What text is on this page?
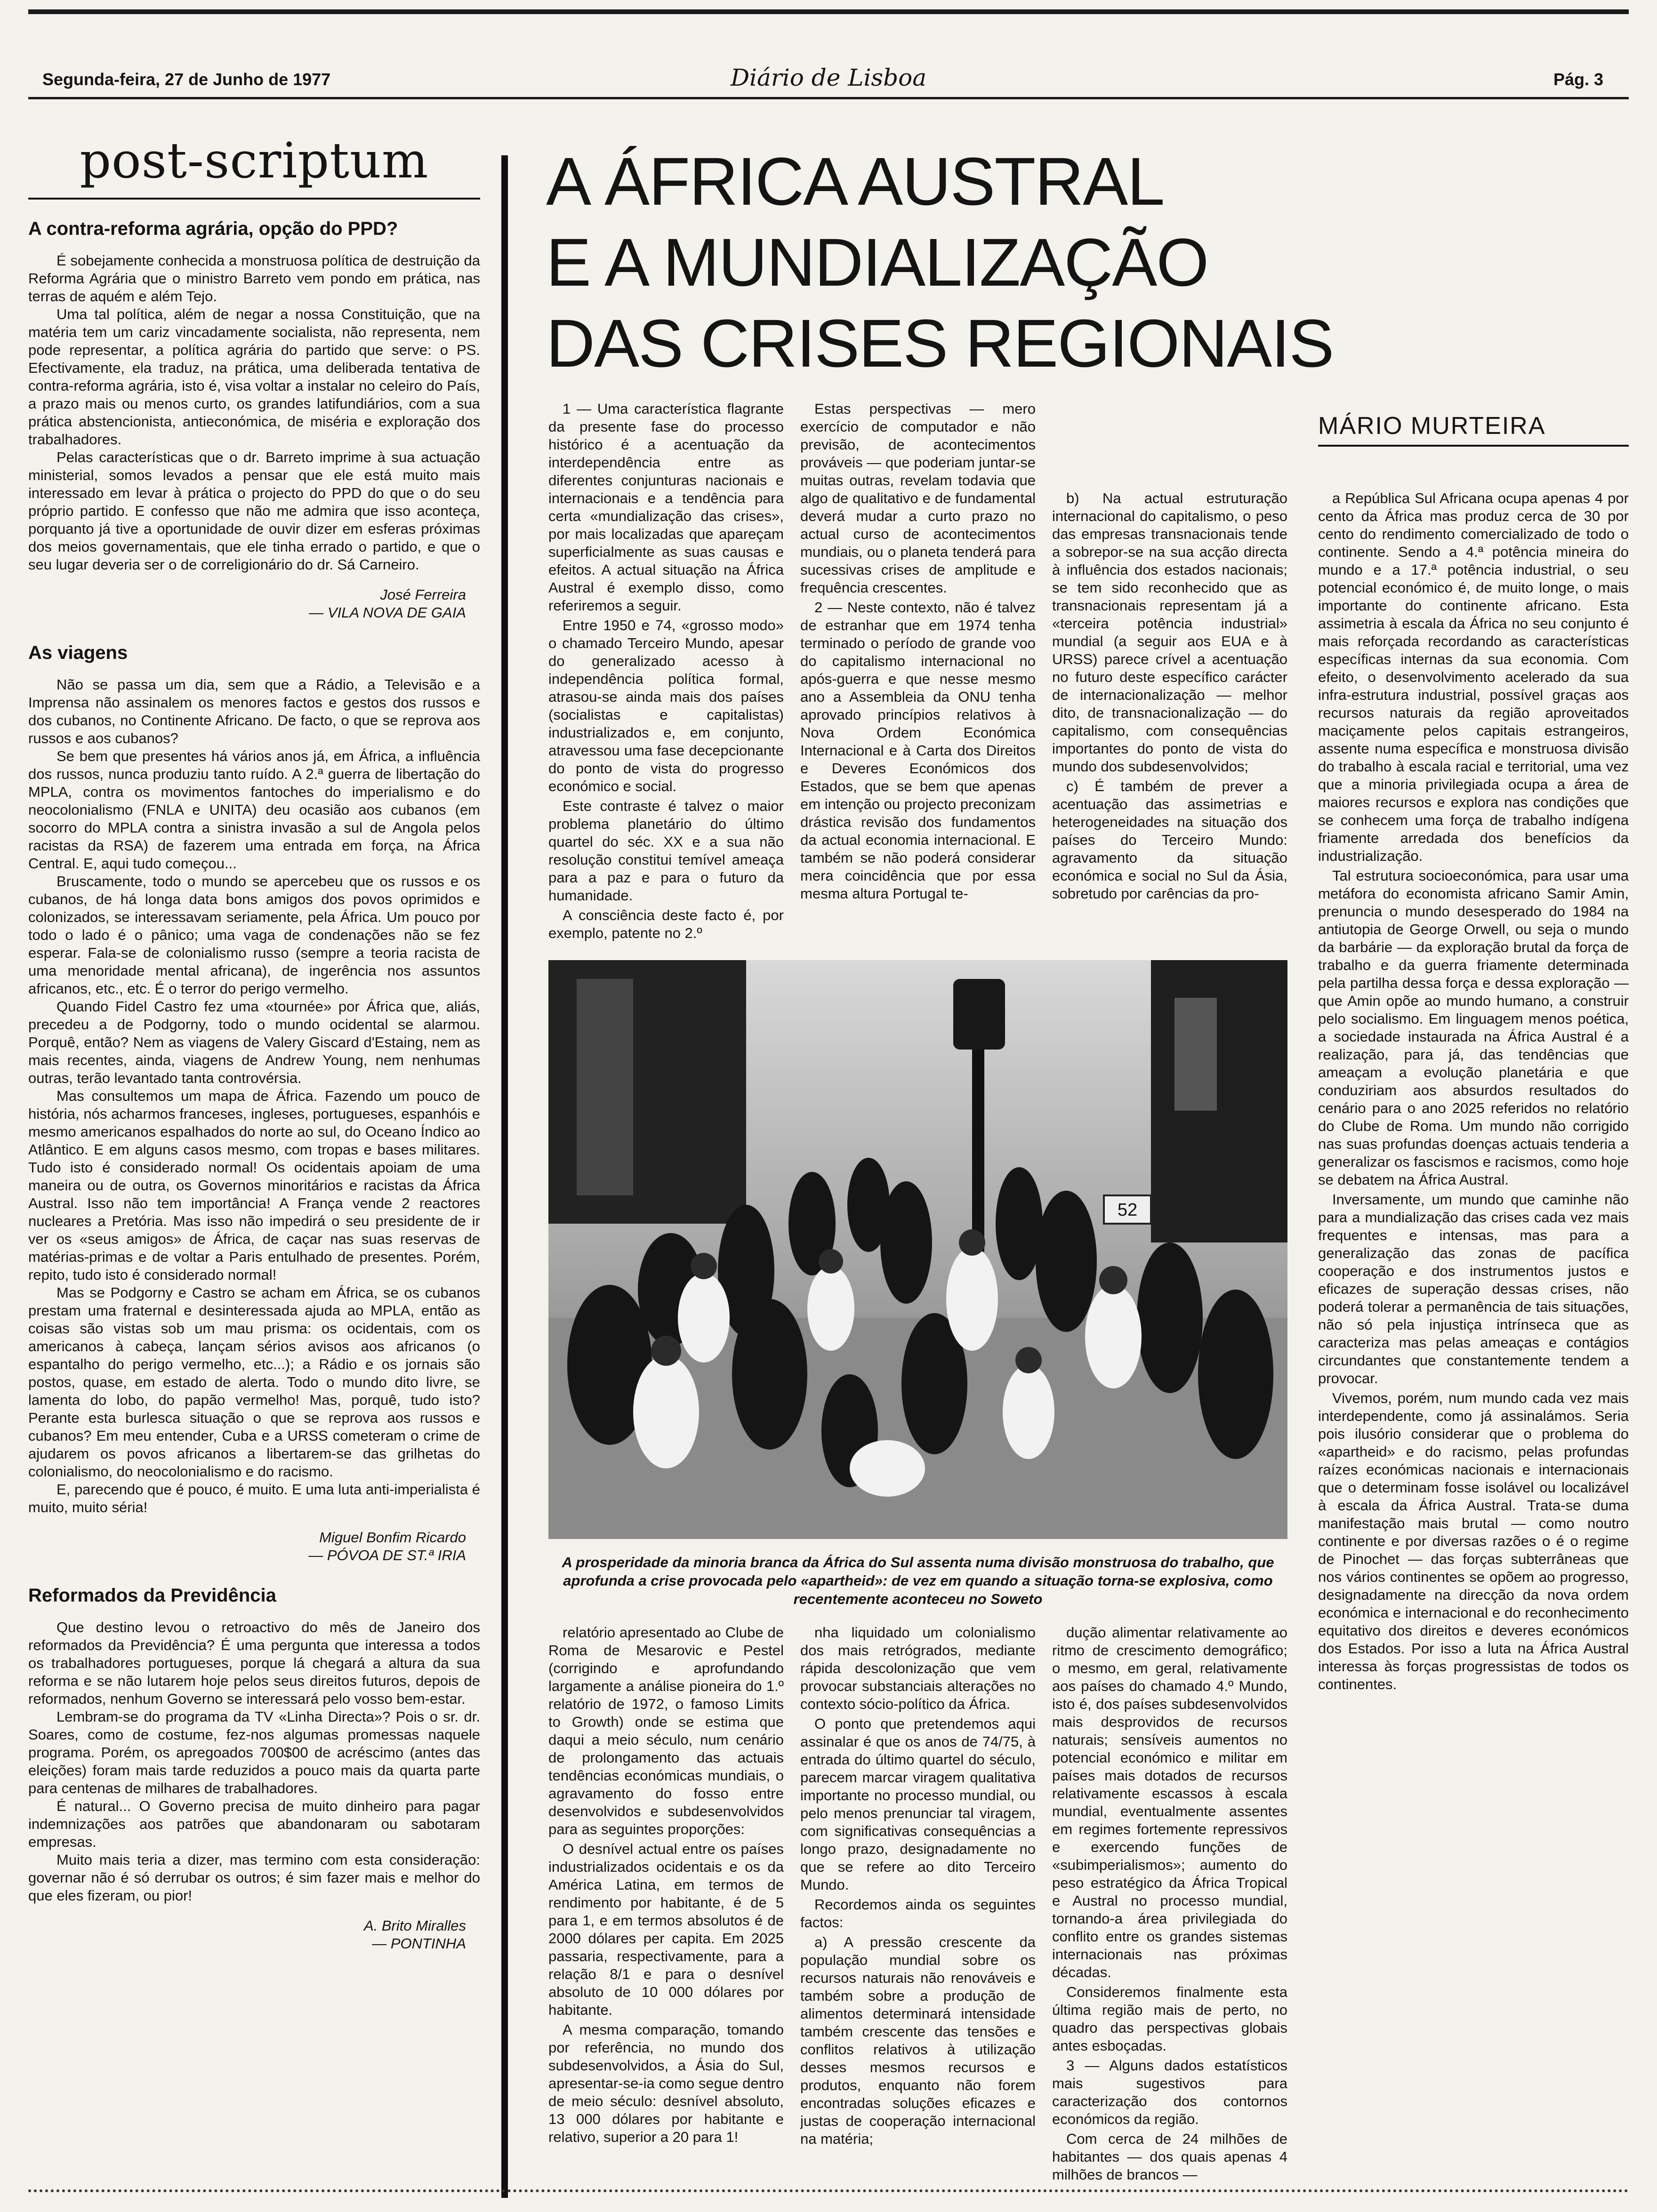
Segunda-feira, 27 de Junho de 1977	Diário de Lisboa	Pág. 3
post-scriptum
A contra-reforma agrária, opção do PPD?

É sobejamente conhecida a monstruosa política de destruição da Reforma Agrária que o ministro Barreto vem pondo em prática, nas terras de aquém e além Tejo.

Uma tal política, além de negar a nossa Constituição, que na matéria tem um cariz vincadamente socialista, não representa, nem pode representar, a política agrária do partido que serve: o PS. Efectivamente, ela traduz, na prática, uma deliberada tentativa de contra-reforma agrária, isto é, visa voltar a instalar no celeiro do País, a prazo mais ou menos curto, os grandes latifundiários, com a sua prática abstencionista, antieconómica, de miséria e exploração dos trabalhadores.

Pelas características que o dr. Barreto imprime à sua actuação ministerial, somos levados a pensar que ele está muito mais interessado em levar à prática o projecto do PPD do que o do seu próprio partido. E confesso que não me admira que isso aconteça, porquanto já tive a oportunidade de ouvir dizer em esferas próximas dos meios governamentais, que ele tinha errado o partido, e que o seu lugar deveria ser o de correligionário do dr. Sá Carneiro.

José Ferreira
— VILA NOVA DE GAIA
As viagens

Não se passa um dia, sem que a Rádio, a Televisão e a Imprensa não assinalem os menores factos e gestos dos russos e dos cubanos, no Continente Africano. De facto, o que se reprova aos russos e aos cubanos?

Se bem que presentes há vários anos já, em África, a influência dos russos, nunca produziu tanto ruído. A 2.ª guerra de libertação do MPLA, contra os movimentos fantoches do imperialismo e do neocolonialismo (FNLA e UNITA) deu ocasião aos cubanos (em socorro do MPLA contra a sinistra invasão a sul de Angola pelos racistas da RSA) de fazerem uma entrada em força, na África Central. E, aqui tudo começou...

Bruscamente, todo o mundo se apercebeu que os russos e os cubanos, de há longa data bons amigos dos povos oprimidos e colonizados, se interessavam seriamente, pela África. Um pouco por todo o lado é o pânico; uma vaga de condenações não se fez esperar. Fala-se de colonialismo russo (sempre a teoria racista de uma menoridade mental africana), de ingerência nos assuntos africanos, etc., etc. É o terror do perigo vermelho.

Quando Fidel Castro fez uma «tournée» por África que, aliás, precedeu a de Podgorny, todo o mundo ocidental se alarmou. Porquê, então? Nem as viagens de Valery Giscard d'Estaing, nem as mais recentes, ainda, viagens de Andrew Young, nem nenhumas outras, terão levantado tanta controvérsia.

Mas consultemos um mapa de África. Fazendo um pouco de história, nós acharmos franceses, ingleses, portugueses, espanhóis e mesmo americanos espalhados do norte ao sul, do Oceano Índico ao Atlântico. E em alguns casos mesmo, com tropas e bases militares. Tudo isto é considerado normal! Os ocidentais apoiam de uma maneira ou de outra, os Governos minoritários e racistas da África Austral. Isso não tem importância! A França vende 2 reactores nucleares a Pretória. Mas isso não impedirá o seu presidente de ir ver os «seus amigos» de África, de caçar nas suas reservas de matérias-primas e de voltar a Paris entulhado de presentes. Porém, repito, tudo isto é considerado normal!

Mas se Podgorny e Castro se acham em África, se os cubanos prestam uma fraternal e desinteressada ajuda ao MPLA, então as coisas são vistas sob um mau prisma: os ocidentais, com os americanos à cabeça, lançam sérios avisos aos africanos (o espantalho do perigo vermelho, etc...); a Rádio e os jornais são postos, quase, em estado de alerta. Todo o mundo dito livre, se lamenta do lobo, do papão vermelho! Mas, porquê, tudo isto? Perante esta burlesca situação o que se reprova aos russos e cubanos? Em meu entender, Cuba e a URSS cometeram o crime de ajudarem os povos africanos a libertarem-se das grilhetas do colonialismo, do neocolonialismo e do racismo.

E, parecendo que é pouco, é muito. E uma luta anti-imperialista é muito, muito séria!

Miguel Bonfim Ricardo
— PÓVOA DE ST.ª IRIA
Reformados da Previdência

Que destino levou o retroactivo do mês de Janeiro dos reformados da Previdência? É uma pergunta que interessa a todos os trabalhadores portugueses, porque lá chegará a altura da sua reforma e se não lutarem hoje pelos seus direitos futuros, depois de reformados, nenhum Governo se interessará pelo vosso bem-estar.

Lembram-se do programa da TV «Linha Directa»? Pois o sr. dr. Soares, como de costume, fez-nos algumas promessas naquele programa. Porém, os apregoados 700$00 de acréscimo (antes das eleições) foram mais tarde reduzidos a pouco mais da quarta parte para centenas de milhares de trabalhadores.

É natural... O Governo precisa de muito dinheiro para pagar indemnizações aos patrões que abandonaram ou sabotaram empresas.

Muito mais teria a dizer, mas termino com esta consideração: governar não é só derrubar os outros; é sim fazer mais e melhor do que eles fizeram, ou pior!

A. Brito Miralles
— PONTINHA
A ÁFRICA AUSTRAL
E A MUNDIALIZAÇÃO
DAS CRISES REGIONAIS
MÁRIO MURTEIRA

1 — Uma característica flagrante da presente fase do processo histórico é a acentuação da interdependência entre as diferentes conjunturas nacionais e internacionais e a tendência para certa «mundialização das crises», por mais localizadas que apareçam superficialmente as suas causas e efeitos. A actual situação na África Austral é exemplo disso, como referiremos a seguir.

Entre 1950 e 74, «grosso modo» o chamado Terceiro Mundo, apesar do generalizado acesso à independência política formal, atrasou-se ainda mais dos países (socialistas e capitalistas) industrializados e, em conjunto, atravessou uma fase decepcionante do ponto de vista do progresso económico e social.

Este contraste é talvez o maior problema planetário do último quartel do séc. XX e a sua não resolução constitui temível ameaça para a paz e para o futuro da humanidade.

A consciência deste facto é, por exemplo, patente no 2.º

Estas perspectivas — mero exercício de computador e não previsão, de acontecimentos prováveis — que poderiam juntar-se muitas outras, revelam todavia que algo de qualitativo e de fundamental deverá mudar a curto prazo no actual curso de acontecimentos mundiais, ou o planeta tenderá para sucessivas crises de amplitude e frequência crescentes.

2 — Neste contexto, não é talvez de estranhar que em 1974 tenha terminado o período de grande voo do capitalismo internacional no após-guerra e que nesse mesmo ano a Assembleia da ONU tenha aprovado princípios relativos à Nova Ordem Económica Internacional e à Carta dos Direitos e Deveres Económicos dos Estados, que se bem que apenas em intenção ou projecto preconizam drástica revisão dos fundamentos da actual economia internacional. E também se não poderá considerar mera coincidência que por essa mesma altura Portugal te-

b) Na actual estruturação internacional do capitalismo, o peso das empresas transnacionais tende a sobrepor-se na sua acção directa à influência dos estados nacionais; se tem sido reconhecido que as transnacionais representam já a «terceira potência industrial» mundial (a seguir aos EUA e à URSS) parece crível a acentuação no futuro deste específico carácter de internacionalização — melhor dito, de transnacionalização — do capitalismo, com consequências importantes do ponto de vista do mundo dos subdesenvolvidos;

c) É também de prever a acentuação das assimetrias e heterogeneidades na situação dos países do Terceiro Mundo: agravamento da situação económica e social no Sul da Ásia, sobretudo por carências da pro-

a República Sul Africana ocupa apenas 4 por cento da África mas produz cerca de 30 por cento do rendimento comercializado de todo o continente. Sendo a 4.ª potência mineira do mundo e a 17.ª potência industrial, o seu potencial económico é, de muito longe, o mais importante do continente africano. Esta assimetria à escala da África no seu conjunto é mais reforçada recordando as características específicas internas da sua economia. Com efeito, o desenvolvimento acelerado da sua infra-estrutura industrial, possível graças aos recursos naturais da região aproveitados maciçamente pelos capitais estrangeiros, assente numa específica e monstruosa divisão do trabalho à escala racial e territorial, uma vez que a minoria privilegiada ocupa a área de maiores recursos e explora nas condições que se conhecem uma força de trabalho indígena friamente arredada dos benefícios da industrialização.

Tal estrutura socioeconómica, para usar uma metáfora do economista africano Samir Amin, prenuncia o mundo desesperado do 1984 na antiutopia de George Orwell, ou seja o mundo da barbárie — da exploração brutal da força de trabalho e da guerra friamente determinada pela partilha dessa força e dessa exploração — que Amin opõe ao mundo humano, a construir pelo socialismo. Em linguagem menos poética, a sociedade instaurada na África Austral é a realização, para já, das tendências que ameaçam a evolução planetária e que conduziriam aos absurdos resultados do cenário para o ano 2025 referidos no relatório do Clube de Roma. Um mundo não corrigido nas suas profundas doenças actuais tenderia a generalizar os fascismos e racismos, como hoje se debatem na África Austral.

Inversamente, um mundo que caminhe não para a mundialização das crises cada vez mais frequentes e intensas, mas para a generalização das zonas de pacífica cooperação e dos instrumentos justos e eficazes de superação dessas crises, não poderá tolerar a permanência de tais situações, não só pela injustiça intrínseca que as caracteriza mas pelas ameaças e contágios circundantes que constantemente tendem a provocar.

Vivemos, porém, num mundo cada vez mais interdependente, como já assinalámos. Seria pois ilusório considerar que o problema do «apartheid» e do racismo, pelas profundas raízes económicas nacionais e internacionais que o determinam fosse isolável ou localizável à escala da África Austral. Trata-se duma manifestação mais brutal — como noutro continente e por diversas razões o é o regime de Pinochet — das forças subterrâneas que nos vários continentes se opõem ao progresso, designadamente na direcção da nova ordem económica e internacional e do reconhecimento equitativo dos direitos e deveres económicos dos Estados. Por isso a luta na África Austral interessa às forças progressistas de todos os continentes.

52
A prosperidade da minoria branca da África do Sul assenta numa divisão monstruosa do trabalho, que aprofunda a crise provocada pelo «apartheid»: de vez em quando a situação torna-se explosiva, como recentemente aconteceu no Soweto

relatório apresentado ao Clube de Roma de Mesarovic e Pestel (corrigindo e aprofundando largamente a análise pioneira do 1.º relatório de 1972, o famoso Limits to Growth) onde se estima que daqui a meio século, num cenário de prolongamento das actuais tendências económicas mundiais, o agravamento do fosso entre desenvolvidos e subdesenvolvidos para as seguintes proporções:

O desnível actual entre os países industrializados ocidentais e os da América Latina, em termos de rendimento por habitante, é de 5 para 1, e em termos absolutos é de 2000 dólares per capita. Em 2025 passaria, respectivamente, para a relação 8/1 e para o desnível absoluto de 10 000 dólares por habitante.

A mesma comparação, tomando por referência, no mundo dos subdesenvolvidos, a Ásia do Sul, apresentar-se-ia como segue dentro de meio século: desnível absoluto, 13 000 dólares por habitante e relativo, superior a 20 para 1!

nha liquidado um colonialismo dos mais retrógrados, mediante rápida descolonização que vem provocar substanciais alterações no contexto sócio-político da África.

O ponto que pretendemos aqui assinalar é que os anos de 74/75, à entrada do último quartel do século, parecem marcar viragem qualitativa importante no processo mundial, ou pelo menos prenunciar tal viragem, com significativas consequências a longo prazo, designadamente no que se refere ao dito Terceiro Mundo.

Recordemos ainda os seguintes factos:

a) A pressão crescente da população mundial sobre os recursos naturais não renováveis e também sobre a produção de alimentos determinará intensidade também crescente das tensões e conflitos relativos à utilização desses mesmos recursos e produtos, enquanto não forem encontradas soluções eficazes e justas de cooperação internacional na matéria;

dução alimentar relativamente ao ritmo de crescimento demográfico; o mesmo, em geral, relativamente aos países do chamado 4.º Mundo, isto é, dos países subdesenvolvidos mais desprovidos de recursos naturais; sensíveis aumentos no potencial económico e militar em países mais dotados de recursos relativamente escassos à escala mundial, eventualmente assentes em regimes fortemente repressivos e exercendo funções de «subimperialismos»; aumento do peso estratégico da África Tropical e Austral no processo mundial, tornando-a área privilegiada do conflito entre os grandes sistemas internacionais nas próximas décadas.

Consideremos finalmente esta última região mais de perto, no quadro das perspectivas globais antes esboçadas.

3 — Alguns dados estatísticos mais sugestivos para caracterização dos contornos económicos da região.

Com cerca de 24 milhões de habitantes — dos quais apenas 4 milhões de brancos —
